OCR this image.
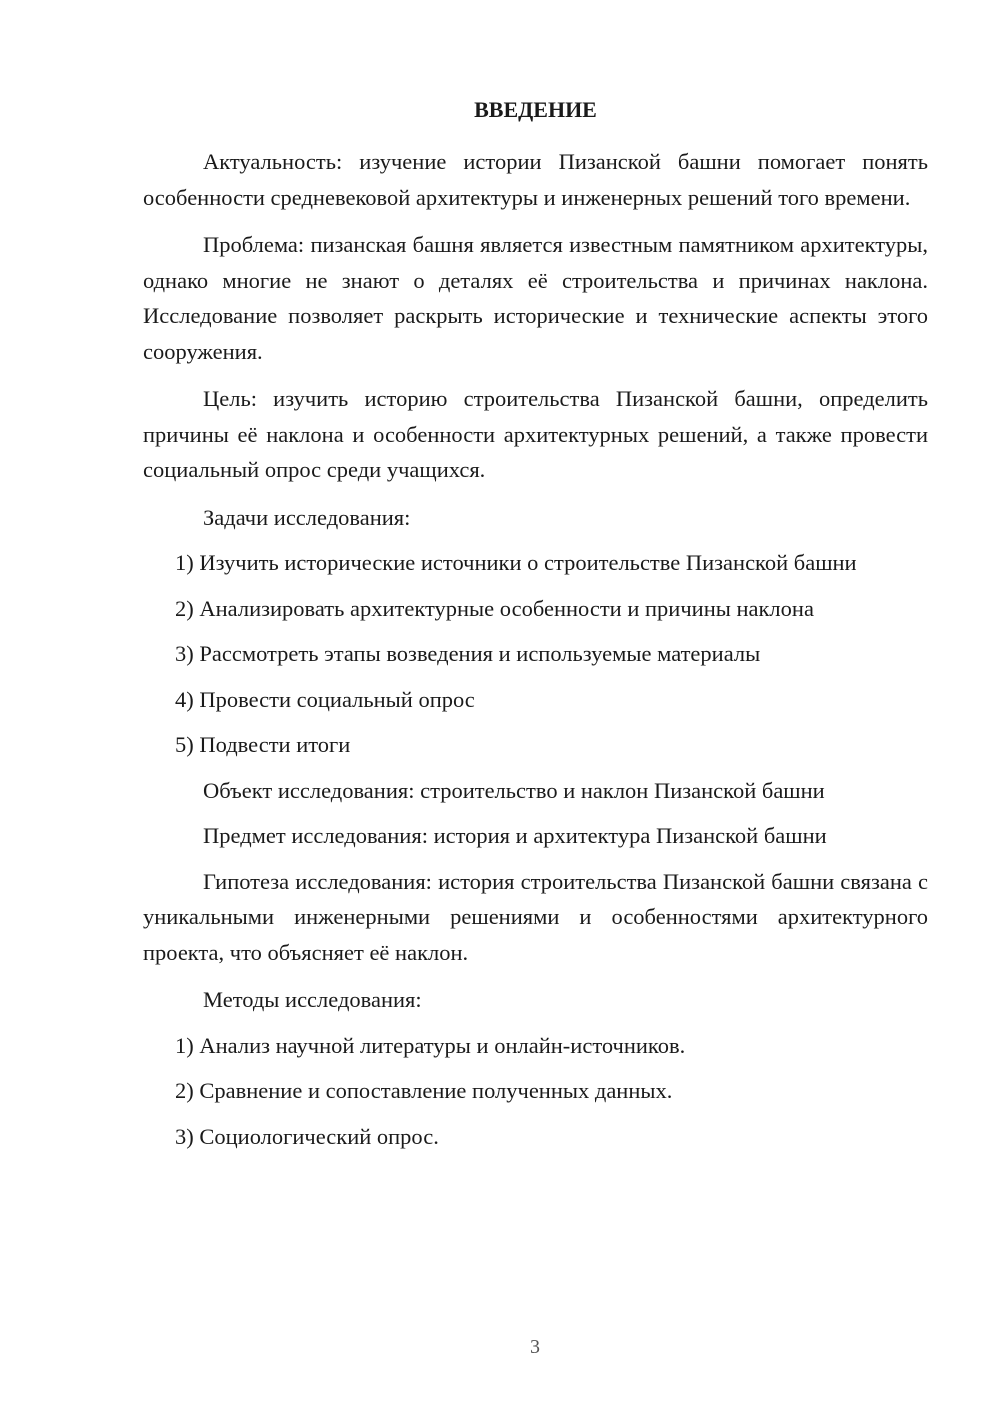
ВВЕДЕНИЕ

Актуальность: изучение истории Пизанской башни помогает понять особенности средневековой архитектуры и инженерных решений того времени.

Проблема: пизанская башня является известным памятником архитектуры, однако многие не знают о деталях её строительства и причинах наклона. Исследование позволяет раскрыть исторические и технические аспекты этого сооружения.

Цель: изучить историю строительства Пизанской башни, определить причины её наклона и особенности архитектурных решений, а также провести социальный опрос среди учащихся.

Задачи исследования:
1) Изучить исторические источники о строительстве Пизанской башни
2) Анализировать архитектурные особенности и причины наклона
3) Рассмотреть этапы возведения и используемые материалы
4) Провести социальный опрос
5) Подвести итоги
Объект исследования: строительство и наклон Пизанской башни
Предмет исследования: история и архитектура Пизанской башни

Гипотеза исследования: история строительства Пизанской башни связана с уникальными инженерными решениями и особенностями архитектурного проекта, что объясняет её наклон.

Методы исследования:
1) Анализ научной литературы и онлайн-источников.
2) Сравнение и сопоставление полученных данных.
3) Социологический опрос.
3
